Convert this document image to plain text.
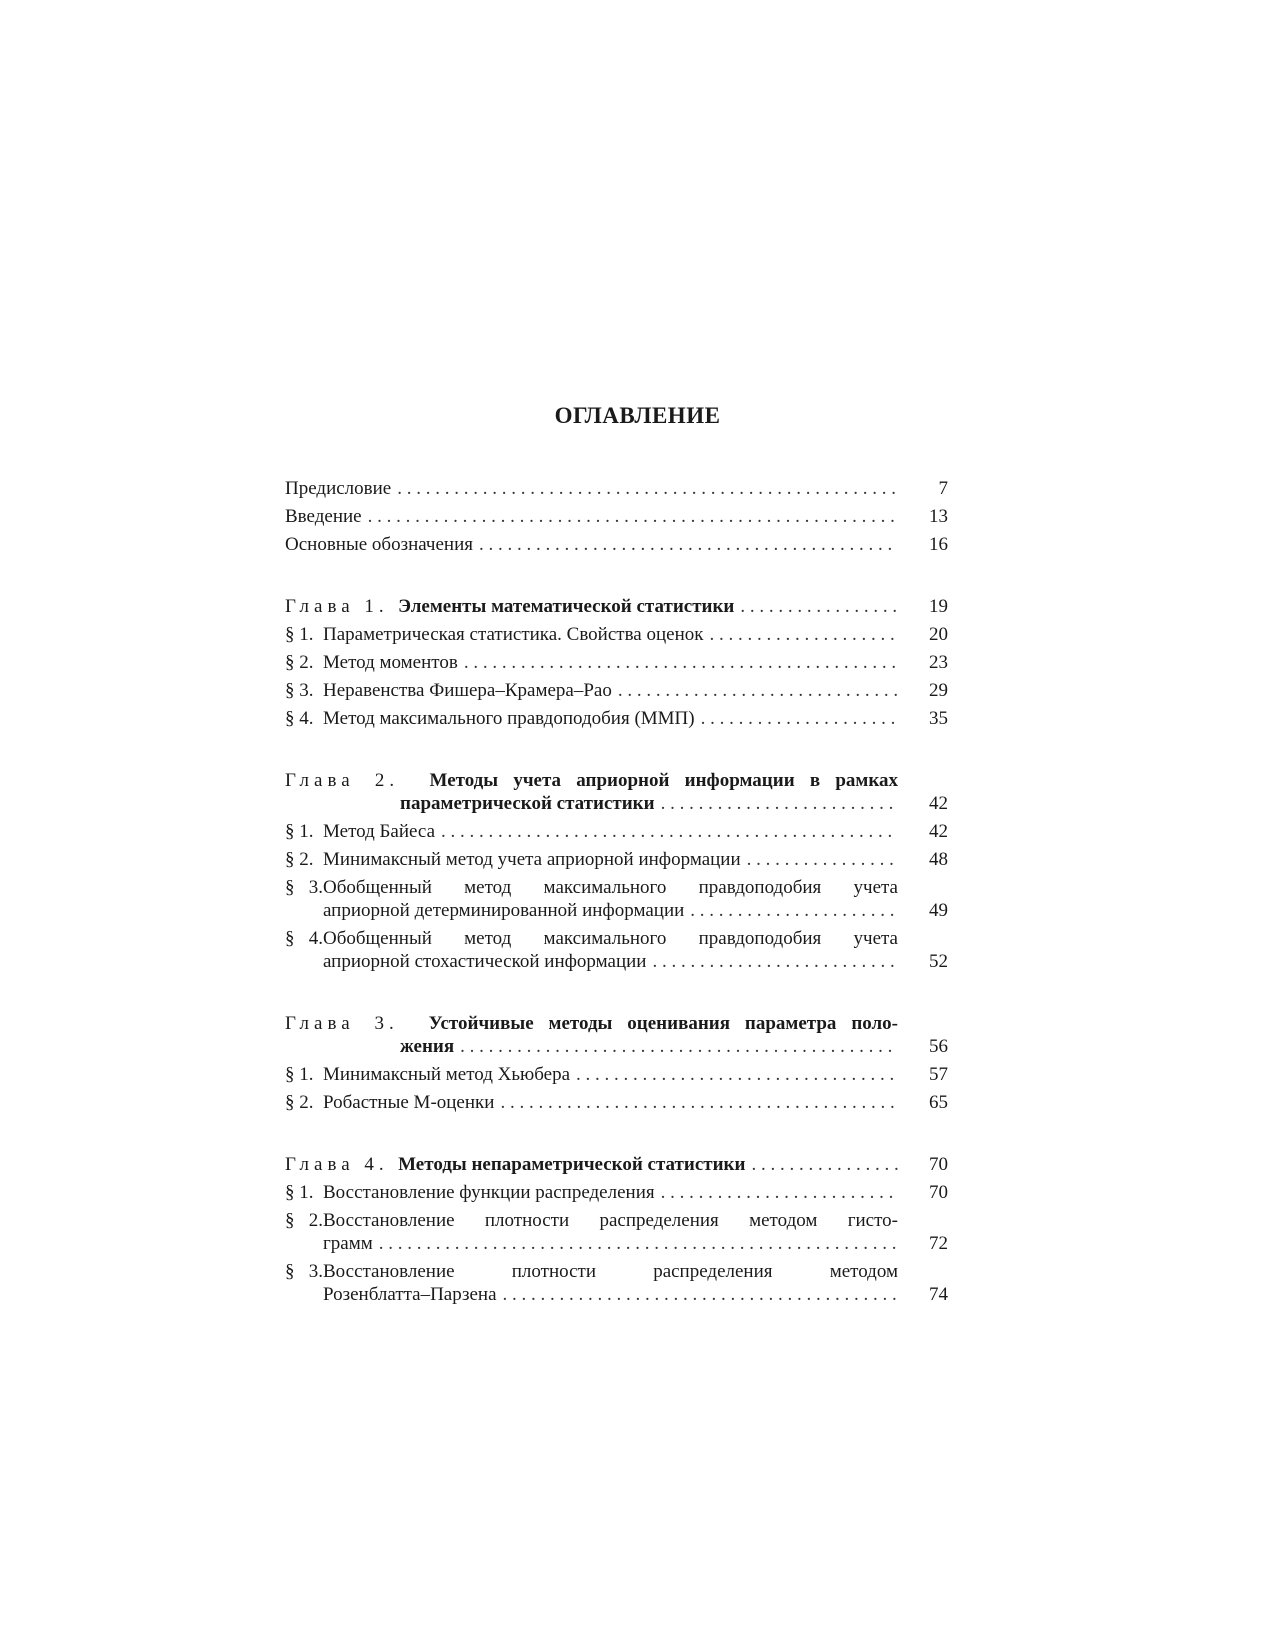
ОГЛАВЛЕНИЕ
Предисловие . . .	7
Введение . . .	13
Основные обозначения . . .	16
Глава 1. Элементы математической статистики . . .	19
§ 1. Параметрическая статистика. Свойства оценок . . .	20
§ 2. Метод моментов . . .	23
§ 3. Неравенства Фишера–Крамера–Рао . . .	29
§ 4. Метод максимального правдоподобия (ММП) . . .	35
Глава 2. Методы учета априорной информации в рамках
параметрической статистики . . .	42
§ 1. Метод Байеса . . .	42
§ 2. Минимаксный метод учета априорной информации . . .	48
§ 3.Обобщенный метод максимального правдоподобия учета
априорной детерминированной информации . . .	49
§ 4.Обобщенный метод максимального правдоподобия учета
априорной стохастической информации . . .	52
Глава 3. Устойчивые методы оценивания параметра поло-
жения . . .	56
§ 1. Минимаксный метод Хьюбера . . .	57
§ 2. Робастные М-оценки . . .	65
Глава 4. Методы непараметрической статистики . . .	70
§ 1. Восстановление функции распределения . . .	70
§ 2.Восстановление плотности распределения методом гисто-
грамм . . .	72
§ 3.Восстановление плотности распределения методом
Розенблатта–Парзена . . .	74
